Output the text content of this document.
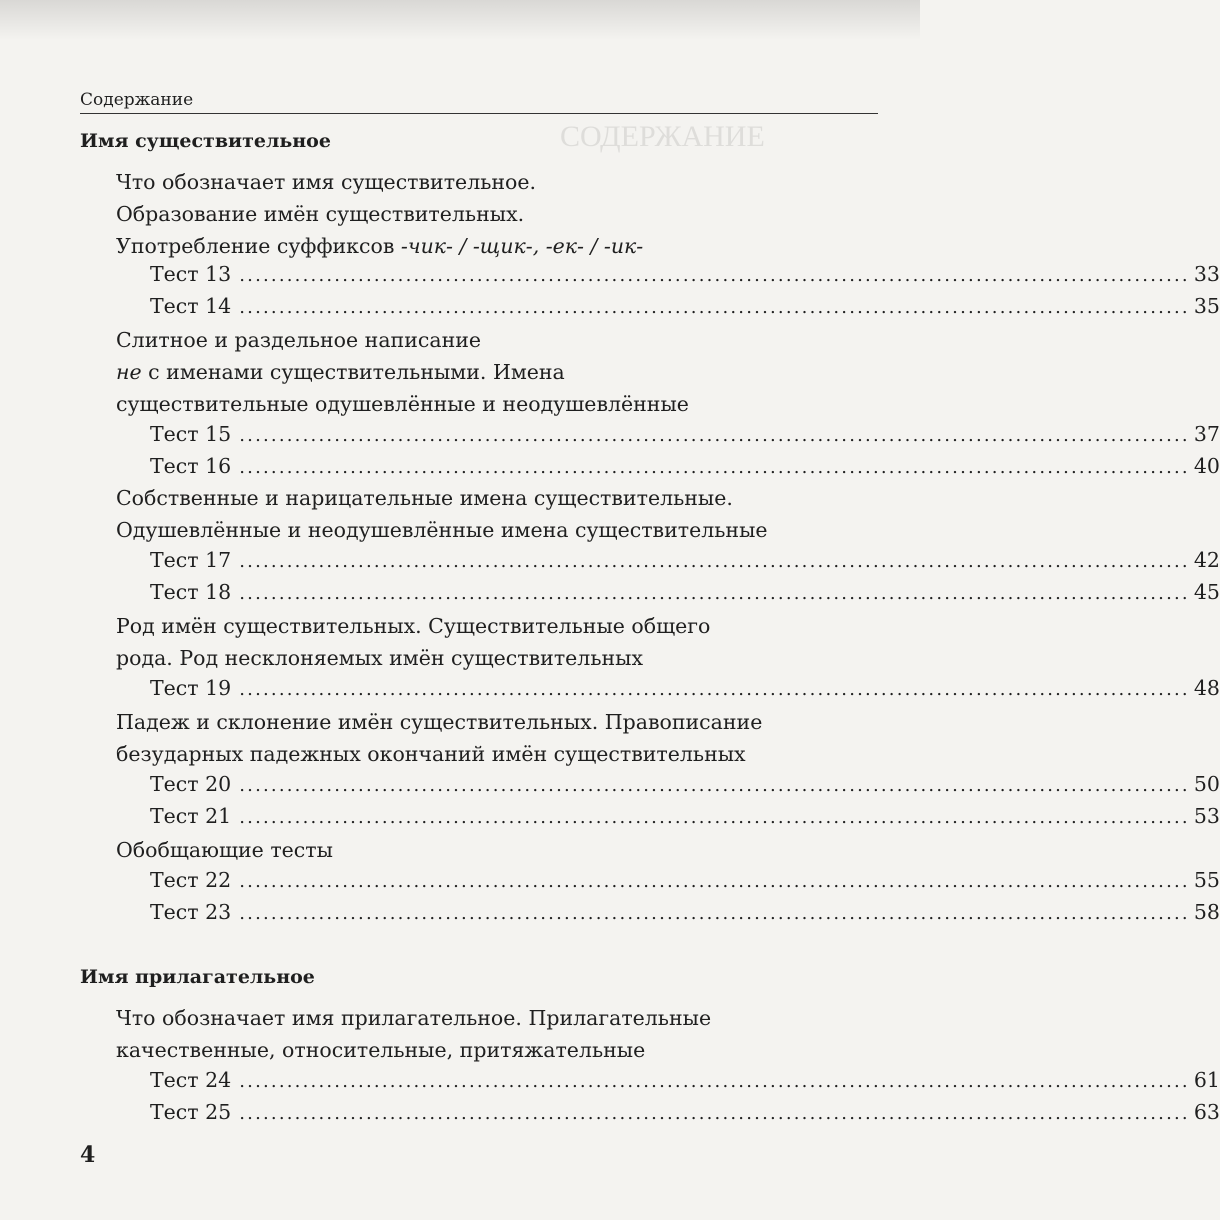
СОДЕРЖАНИЕ
Содержание
Имя существительное
Что обозначает имя существительное.
Образование имён существительных.
Употребление суффиксов -чик- / -щик-, -ек- / -ик-
Тест 13 ........................................................................................................................ 33
Тест 14 ........................................................................................................................ 35
Слитное и раздельное написание
не с именами существительными. Имена
существительные одушевлённые и неодушевлённые
Тест 15 ........................................................................................................................ 37
Тест 16 ........................................................................................................................ 40
Собственные и нарицательные имена существительные.
Одушевлённые и неодушевлённые имена существительные
Тест 17 ........................................................................................................................ 42
Тест 18 ........................................................................................................................ 45
Род имён существительных. Существительные общего
рода. Род несклоняемых имён существительных
Тест 19 ........................................................................................................................ 48
Падеж и склонение имён существительных. Правописание
безударных падежных окончаний имён существительных
Тест 20 ........................................................................................................................ 50
Тест 21 ........................................................................................................................ 53
Обобщающие тесты
Тест 22 ........................................................................................................................ 55
Тест 23 ........................................................................................................................ 58
Имя прилагательное
Что обозначает имя прилагательное. Прилагательные
качественные, относительные, притяжательные
Тест 24 ........................................................................................................................ 61
Тест 25 ........................................................................................................................ 63
4
